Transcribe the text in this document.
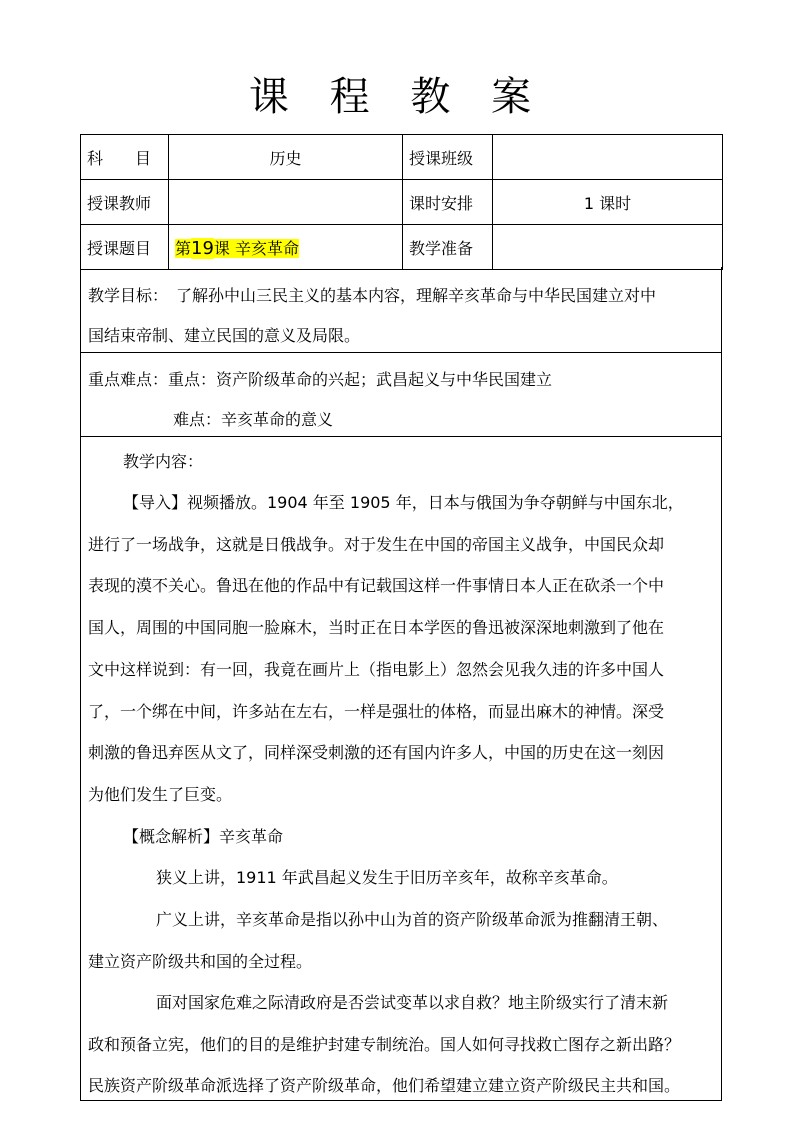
课 程 教 案
科　　目	历史	授课班级	
授课教师		课时安排	1 课时
授课题目	第19课 辛亥革命	教学准备	
教学目标：　了解孙中山三民主义的基本内容，理解辛亥革命与中华民国建立对中
国结束帝制、建立民国的意义及局限。
重点难点：重点：资产阶级革命的兴起；武昌起义与中华民国建立
难点：辛亥革命的意义
教学内容：
【导入】视频播放。1904 年至 1905 年，日本与俄国为争夺朝鲜与中国东北，
进行了一场战争，这就是日俄战争。对于发生在中国的帝国主义战争，中国民众却
表现的漠不关心。鲁迅在他的作品中有记载国这样一件事情日本人正在砍杀一个中
国人，周围的中国同胞一脸麻木，当时正在日本学医的鲁迅被深深地刺激到了他在
文中这样说到：有一回，我竟在画片上（指电影上）忽然会见我久违的许多中国人
了，一个绑在中间，许多站在左右，一样是强壮的体格，而显出麻木的神情。深受
刺激的鲁迅弃医从文了，同样深受刺激的还有国内许多人，中国的历史在这一刻因
为他们发生了巨变。
【概念解析】辛亥革命
狭义上讲，1911 年武昌起义发生于旧历辛亥年，故称辛亥革命。
广义上讲，辛亥革命是指以孙中山为首的资产阶级革命派为推翻清王朝、
建立资产阶级共和国的全过程。
面对国家危难之际清政府是否尝试变革以求自救？地主阶级实行了清末新
政和预备立宪，他们的目的是维护封建专制统治。国人如何寻找救亡图存之新出路？
民族资产阶级革命派选择了资产阶级革命，他们希望建立建立资产阶级民主共和国。
